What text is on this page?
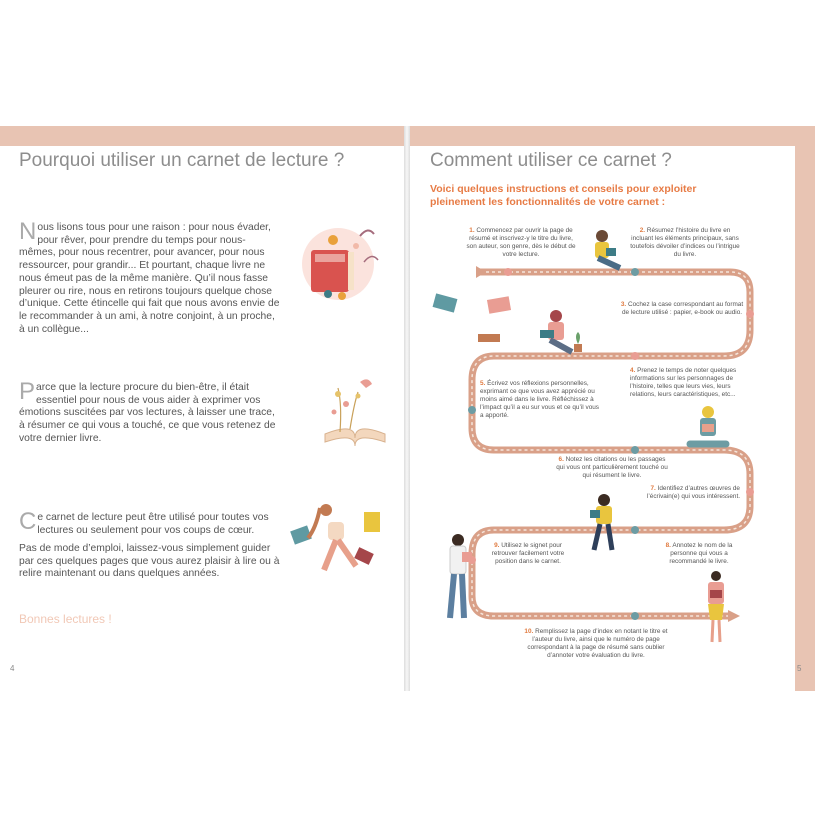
Pourquoi utiliser un carnet de lecture ?

Nous lisons tous pour une raison : pour nous évader, pour rêver, pour prendre du temps pour nous-mêmes, pour nous recentrer, pour avancer, pour nous ressourcer, pour grandir... Et pourtant, chaque livre ne nous émeut pas de la même manière. Qu’il nous fasse pleurer ou rire, nous en retirons toujours quelque chose d’unique. Cette étincelle qui fait que nous avons envie de le recommander à un ami, à notre conjoint, à un proche, à un collègue...

Parce que la lecture procure du bien-être, il était essentiel pour nous de vous aider à exprimer vos émotions suscitées par vos lectures, à laisser une trace, à résumer ce qui vous a touché, ce que vous retenez de votre dernier livre.

Ce carnet de lecture peut être utilisé pour toutes vos lectures ou seulement pour vos coups de cœur.

Pas de mode d’emploi, laissez-vous simplement guider par ces quelques pages que vous aurez plaisir à lire ou à relire maintenant ou dans quelques années.

Bonnes lectures !

4
Comment utiliser ce carnet ?

Voici quelques instructions et conseils pour exploiter pleinement les fonctionnalités de votre carnet :

5
1. Commencez par ouvrir la page de résumé et inscrivez-y le titre du livre, son auteur, son genre, dès le début de votre lecture.
2. Résumez l’histoire du livre en incluant les éléments principaux, sans toutefois dévoiler d’indices ou l’intrigue du livre.
3. Cochez la case correspondant au format de lecture utilisé : papier, e-book ou audio.
4. Prenez le temps de noter quelques informations sur les personnages de l’histoire, telles que leurs vies, leurs relations, leurs caractéristiques, etc...
5. Écrivez vos réflexions personnelles, exprimant ce que vous avez apprécié ou moins aimé dans le livre. Réfléchissez à l’impact qu’il a eu sur vous et ce qu’il vous a apporté.
6. Notez les citations ou les passages qui vous ont particulièrement touché ou qui résument le livre.
7. Identifiez d’autres œuvres de l’écrivain(e) qui vous intéressent.
8. Annotez le nom de la personne qui vous a recommandé le livre.
9. Utilisez le signet pour retrouver facilement votre position dans le carnet.
10. Remplissez la page d’index en notant le titre et l’auteur du livre, ainsi que le numéro de page correspondant à la page de résumé sans oublier d’annoter votre évaluation du livre.
